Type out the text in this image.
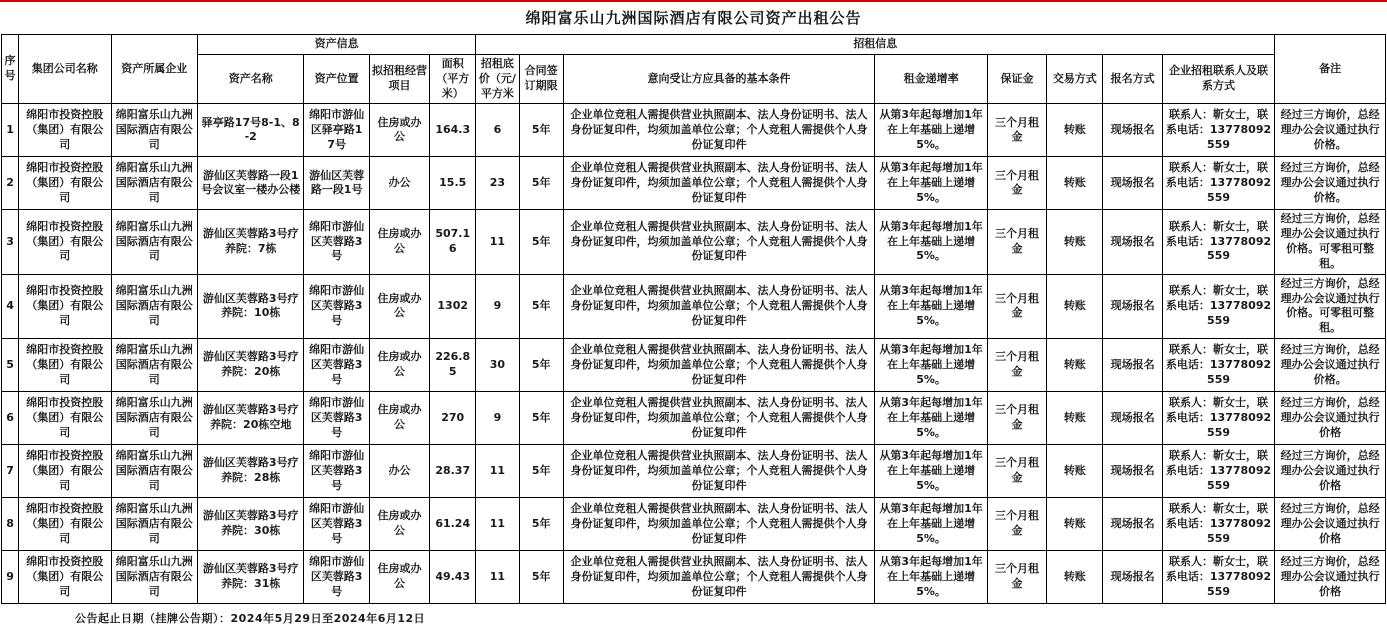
绵阳富乐山九洲国际酒店有限公司资产出租公告
序号	集团公司名称	资产所属企业	资产信息				招租信息								备注
			资产名称	资产位置	拟招租经营项目	面积（平方米）	招租底价（元/平方米	合同签订期限	意向受让方应具备的基本条件	租金递增率	保证金	交易方式	报名方式	企业招租联系人及联系方式	
1	绵阳市投资控股（集团）有限公司	绵阳富乐山九洲国际酒店有限公司	驿亭路17号8-1、8-2	绵阳市游仙区驿亭路17号	住房或办公	164.3	6	5年	企业单位竞租人需提供营业执照副本、法人身份证明书、法人身份证复印件，均须加盖单位公章；个人竞租人需提供个人身份证复印件	从第3年起每增加1年在上年基础上递增5%。	三个月租金	转账	现场报名	联系人：靳女士，联系电话：13778092559	经过三方询价，总经理办公会议通过执行价格。
2	绵阳市投资控股（集团）有限公司	绵阳富乐山九洲国际酒店有限公司	游仙区芙蓉路一段1号会议室一楼办公楼	游仙区芙蓉路一段1号	办公	15.5	23	5年	企业单位竞租人需提供营业执照副本、法人身份证明书、法人身份证复印件，均须加盖单位公章；个人竞租人需提供个人身份证复印件	从第3年起每增加1年在上年基础上递增5%。	三个月租金	转账	现场报名	联系人：靳女士，联系电话：13778092559	经过三方询价，总经理办公会议通过执行价格。
3	绵阳市投资控股（集团）有限公司	绵阳富乐山九洲国际酒店有限公司	游仙区芙蓉路3号疗养院：7栋	绵阳市游仙区芙蓉路3号	住房或办公	507.16	11	5年	企业单位竞租人需提供营业执照副本、法人身份证明书、法人身份证复印件，均须加盖单位公章；个人竞租人需提供个人身份证复印件	从第3年起每增加1年在上年基础上递增5%。	三个月租金	转账	现场报名	联系人：靳女士，联系电话：13778092559	经过三方询价，总经理办公会议通过执行价格。可零租可整租。
4	绵阳市投资控股（集团）有限公司	绵阳富乐山九洲国际酒店有限公司	游仙区芙蓉路3号疗养院：10栋	绵阳市游仙区芙蓉路3号	住房或办公	1302	9	5年	企业单位竞租人需提供营业执照副本、法人身份证明书、法人身份证复印件，均须加盖单位公章；个人竞租人需提供个人身份证复印件	从第3年起每增加1年在上年基础上递增5%。	三个月租金	转账	现场报名	联系人：靳女士，联系电话：13778092559	经过三方询价，总经理办公会议通过执行价格。可零租可整租。
5	绵阳市投资控股（集团）有限公司	绵阳富乐山九洲国际酒店有限公司	游仙区芙蓉路3号疗养院：20栋	绵阳市游仙区芙蓉路3号	住房或办公	226.85	30	5年	企业单位竞租人需提供营业执照副本、法人身份证明书、法人身份证复印件，均须加盖单位公章；个人竞租人需提供个人身份证复印件	从第3年起每增加1年在上年基础上递增5%。	三个月租金	转账	现场报名	联系人：靳女士，联系电话：13778092559	经过三方询价，总经理办公会议通过执行价格。
6	绵阳市投资控股（集团）有限公司	绵阳富乐山九洲国际酒店有限公司	游仙区芙蓉路3号疗养院：20栋空地	绵阳市游仙区芙蓉路3号	住房或办公	270	9	5年	企业单位竞租人需提供营业执照副本、法人身份证明书、法人身份证复印件，均须加盖单位公章；个人竞租人需提供个人身份证复印件	从第3年起每增加1年在上年基础上递增5%。	三个月租金	转账	现场报名	联系人：靳女士，联系电话：13778092559	经过三方询价，总经理办公会议通过执行价格
7	绵阳市投资控股（集团）有限公司	绵阳富乐山九洲国际酒店有限公司	游仙区芙蓉路3号疗养院：28栋	绵阳市游仙区芙蓉路3号	办公	28.37	11	5年	企业单位竞租人需提供营业执照副本、法人身份证明书、法人身份证复印件，均须加盖单位公章；个人竞租人需提供个人身份证复印件	从第3年起每增加1年在上年基础上递增5%。	三个月租金	转账	现场报名	联系人：靳女士，联系电话：13778092559	经过三方询价，总经理办公会议通过执行价格
8	绵阳市投资控股（集团）有限公司	绵阳富乐山九洲国际酒店有限公司	游仙区芙蓉路3号疗养院：30栋	绵阳市游仙区芙蓉路3号	住房或办公	61.24	11	5年	企业单位竞租人需提供营业执照副本、法人身份证明书、法人身份证复印件，均须加盖单位公章；个人竞租人需提供个人身份证复印件	从第3年起每增加1年在上年基础上递增5%。	三个月租金	转账	现场报名	联系人：靳女士，联系电话：13778092559	经过三方询价，总经理办公会议通过执行价格
9	绵阳市投资控股（集团）有限公司	绵阳富乐山九洲国际酒店有限公司	游仙区芙蓉路3号疗养院：31栋	绵阳市游仙区芙蓉路3号	住房或办公	49.43	11	5年	企业单位竞租人需提供营业执照副本、法人身份证明书、法人身份证复印件，均须加盖单位公章；个人竞租人需提供个人身份证复印件	从第3年起每增加1年在上年基础上递增5%。	三个月租金	转账	现场报名	联系人：靳女士，联系电话：13778092559	经过三方询价，总经理办公会议通过执行价格
公告起止日期（挂牌公告期）：2024年5月29日至2024年6月12日
